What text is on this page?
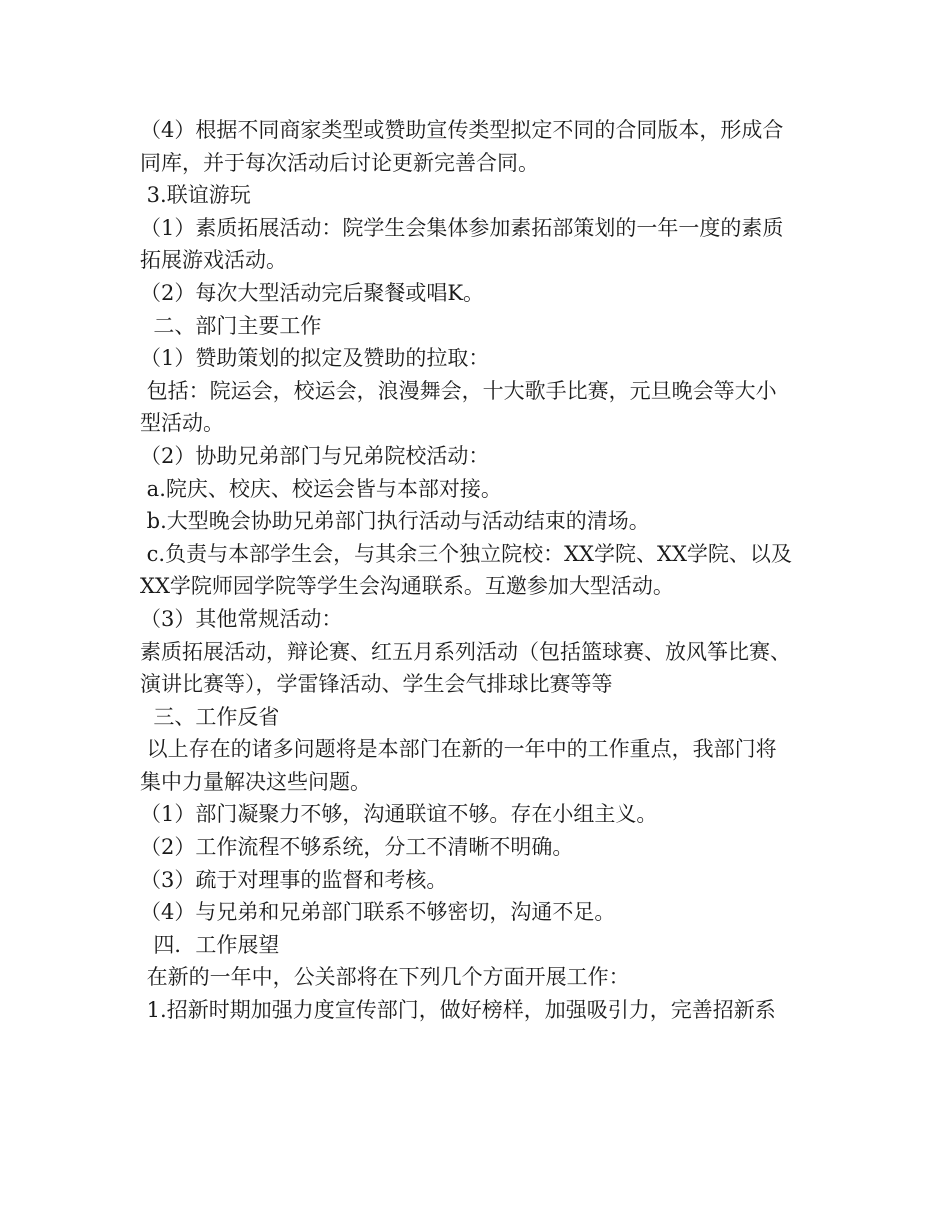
（4）根据不同商家类型或赞助宣传类型拟定不同的合同版本，形成合

同库，并于每次活动后讨论更新完善合同。

3.联谊游玩

（1）素质拓展活动：院学生会集体参加素拓部策划的一年一度的素质

拓展游戏活动。

（2）每次大型活动完后聚餐或唱K。

二、部门主要工作

（1）赞助策划的拟定及赞助的拉取：

包括：院运会，校运会，浪漫舞会，十大歌手比赛，元旦晚会等大小

型活动。

（2）协助兄弟部门与兄弟院校活动：

a.院庆、校庆、校运会皆与本部对接。

b.大型晚会协助兄弟部门执行活动与活动结束的清场。

c.负责与本部学生会，与其余三个独立院校：XX学院、XX学院、以及

XX学院师园学院等学生会沟通联系。互邀参加大型活动。

（3）其他常规活动：

素质拓展活动，辩论赛、红五月系列活动（包括篮球赛、放风筝比赛、

演讲比赛等），学雷锋活动、学生会气排球比赛等等

三、工作反省

以上存在的诸多问题将是本部门在新的一年中的工作重点，我部门将

集中力量解决这些问题。

（1）部门凝聚力不够，沟通联谊不够。存在小组主义。

（2）工作流程不够系统，分工不清晰不明确。

（3）疏于对理事的监督和考核。

（4）与兄弟和兄弟部门联系不够密切，沟通不足。

四．工作展望

在新的一年中，公关部将在下列几个方面开展工作：

1.招新时期加强力度宣传部门，做好榜样，加强吸引力，完善招新系
